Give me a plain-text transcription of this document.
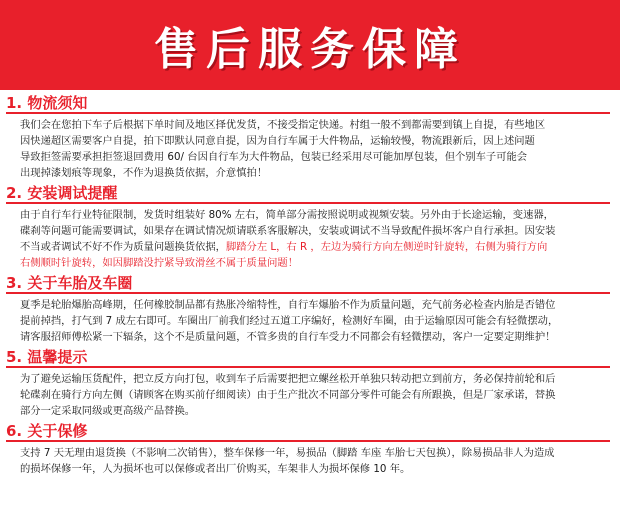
售后服务保障
1. 物流须知
我们会在您拍下车子后根据下单时间及地区择优发货，不接受指定快递。村组一般不到都需要到镇上自提，有些地区
因快递超区需要客户自提，拍下即默认同意自提，因为自行车属于大件物品，运输较慢，物流跟新后，因上述问题
导致拒签需要承担拒签退回费用 60/ 台因自行车为大件物品，包装已经采用尽可能加厚包装，但个别车子可能会
出现掉漆划痕等现象，不作为退换货依据，介意慎拍！
2. 安装调试提醒
由于自行车行业特征限制，发货时组装好 80% 左右，简单部分需按照说明或视频安装。另外由于长途运输，变速器，
碟刹等问题可能需要调试，如果存在调试情况烦请联系客服解决，安装或调试不当导致配件损坏客户自行承担。因安装
不当或者调试不好不作为质量问题换货依据，脚踏分左 L，右 R ，左边为骑行方向左侧逆时针旋转，右侧为骑行方向
右侧顺时针旋转，如因脚踏没拧紧导致滑丝不属于质量问题！
3. 关于车胎及车圈
夏季是轮胎爆胎高峰期，任何橡胶制品都有热胀冷缩特性，自行车爆胎不作为质量问题，充气前务必检查内胎是否错位
提前掉挡，打气到 7 成左右即可。车圈出厂前我们经过五道工序编好，检测好车圈，由于运输原因可能会有轻微摆动，
请客服招师傅松紧一下辐条，这个不是质量问题，不管多贵的自行车受力不同都会有轻微摆动，客户一定要定期维护！
5. 温馨提示
为了避免运输压货配件，把立反方向打包，收到车子后需要把把立螺丝松开单独只转动把立到前方，务必保持前轮和后
轮碟刹在骑行方向左侧（请顾客在购买前仔细阅读）由于生产批次不同部分零件可能会有所跟换，但是厂家承诺，替换
部分一定采取同级或更高级产品替换。
6. 关于保修
支持 7 天无理由退货换（不影响二次销售），整车保修一年，易损品（脚踏 车座 车胎七天包换），除易损品非人为造成
的损坏保修一年，人为损坏也可以保修或者出厂价购买，车架非人为损坏保修 10 年。
